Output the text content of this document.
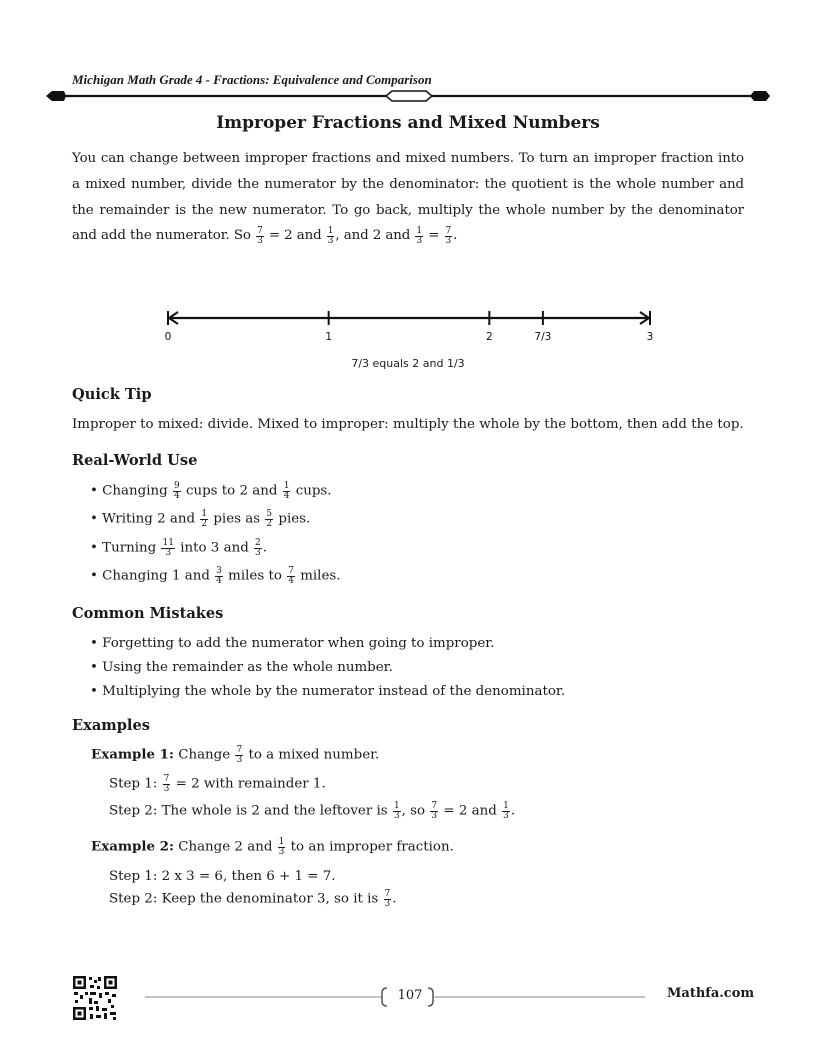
Michigan Math Grade 4 - Fractions: Equivalence and Comparison
Improper Fractions and Mixed Numbers
You can change between improper fractions and mixed numbers. To turn an improper fraction into a mixed number, divide the numerator by the denominator: the quotient is the whole number and the remainder is the new numerator. To go back, multiply the whole number by the denominator and add the numerator. So $\frac{7}{3} = 2$ and $\frac{1}{3}$ , and 2 and $\frac{1}{3} = \frac{7}{3}$ .
0	1	2	7/3	3
7/3 equals 2 and 1/3
Quick Tip
Improper to mixed: divide. Mixed to improper: multiply the whole by the bottom, then add the top.
Real-World Use
• Changing $\frac{9}{4}$ cups to 2 and $\frac{1}{4}$ cups.
• Writing 2 and $\frac{1}{2}$ pies as $\frac{5}{2}$ pies.
• Turning $\frac{11}{3}$ into 3 and $\frac{2}{3}$ .
• Changing 1 and $\frac{3}{4}$ miles to $\frac{7}{4}$ miles.
Common Mistakes
• Forgetting to add the numerator when going to improper.
• Using the remainder as the whole number.
• Multiplying the whole by the numerator instead of the denominator.
Examples
Example 1: Change $\frac{7}{3}$ to a mixed number.
Step 1: $\frac{7}{3} = 2$ with remainder 1.
Step 2: The whole is 2 and the leftover is $\frac{1}{3}$ , so $\frac{7}{3} = 2$ and $\frac{1}{3}$ .
Example 2: Change 2 and $\frac{1}{3}$ to an improper fraction.
Step 1: 2 x 3 = 6, then 6 + 1 = 7.
Step 2: Keep the denominator 3, so it is $\frac{7}{3}$ .
107	Mathfa.com
